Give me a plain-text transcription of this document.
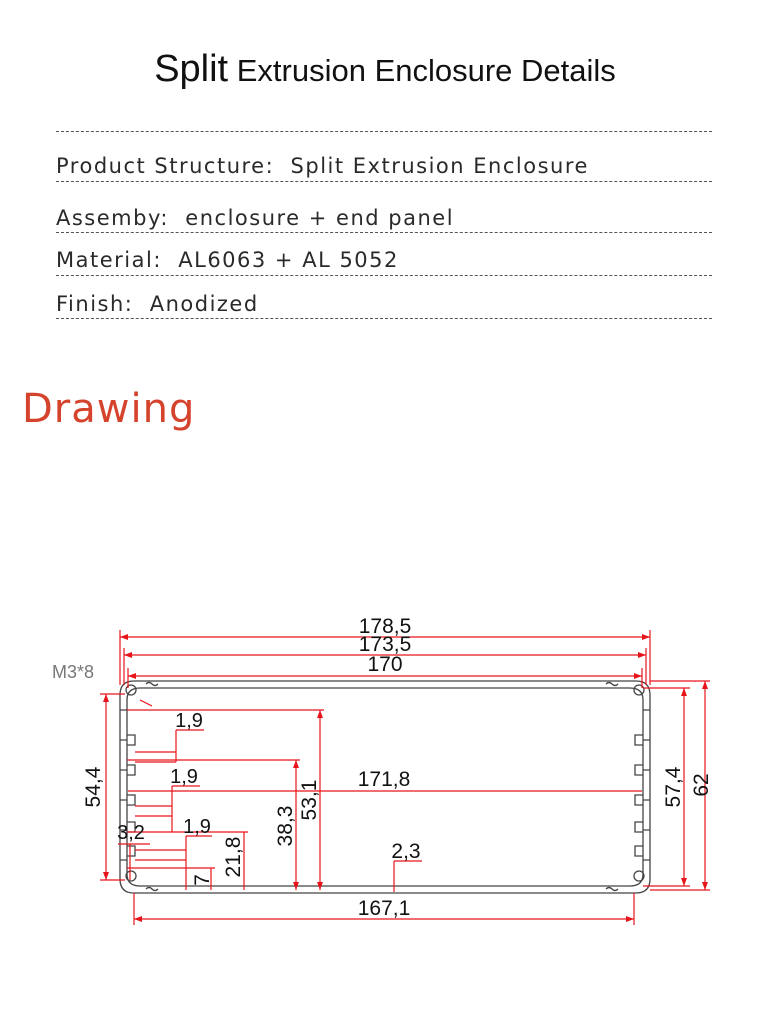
Split Extrusion Enclosure Details
Product Structure: Split Extrusion Enclosure
Assemby: enclosure + end panel
Material: AL6063 + AL 5052
Finish: Anodized
Drawing
178,5
173,5
170
171,8
167,1
2,3
1,9
1,9
1,9
3,2
M3*8
54,4	57,4 62
53,1
38,3
21,8
7
